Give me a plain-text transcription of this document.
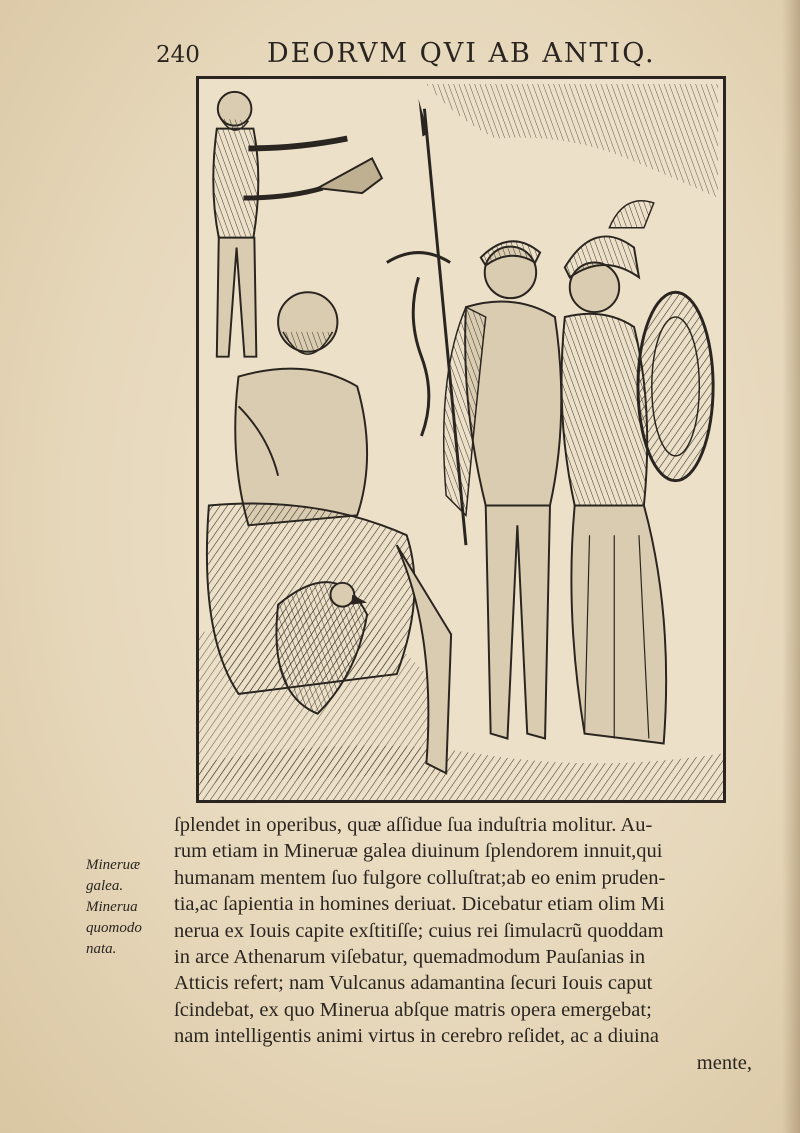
240 DEORVM QVI AB ANTIQ.
Mineruæ
galea.
Minerua
quomodo
nata.
ſplendet in operibus, quæ aſſidue ſua induſtria molitur. Au-
rum etiam in Mineruæ galea diuinum ſplendorem innuit,qui
humanam mentem ſuo fulgore colluſtrat;ab eo enim pruden-
tia,ac ſapientia in homines deriuat. Dicebatur etiam olim Mi
nerua ex Iouis capite exſtitiſſe; cuius rei ſimulacrũ quoddam
in arce Athenarum viſebatur, quemadmodum Pauſanias in
Atticis refert; nam Vulcanus adamantina ſecuri Iouis caput
ſcindebat, ex quo Minerua abſque matris opera emergebat;
nam intelligentis animi virtus in cerebro reſidet, ac a diuina
mente,
